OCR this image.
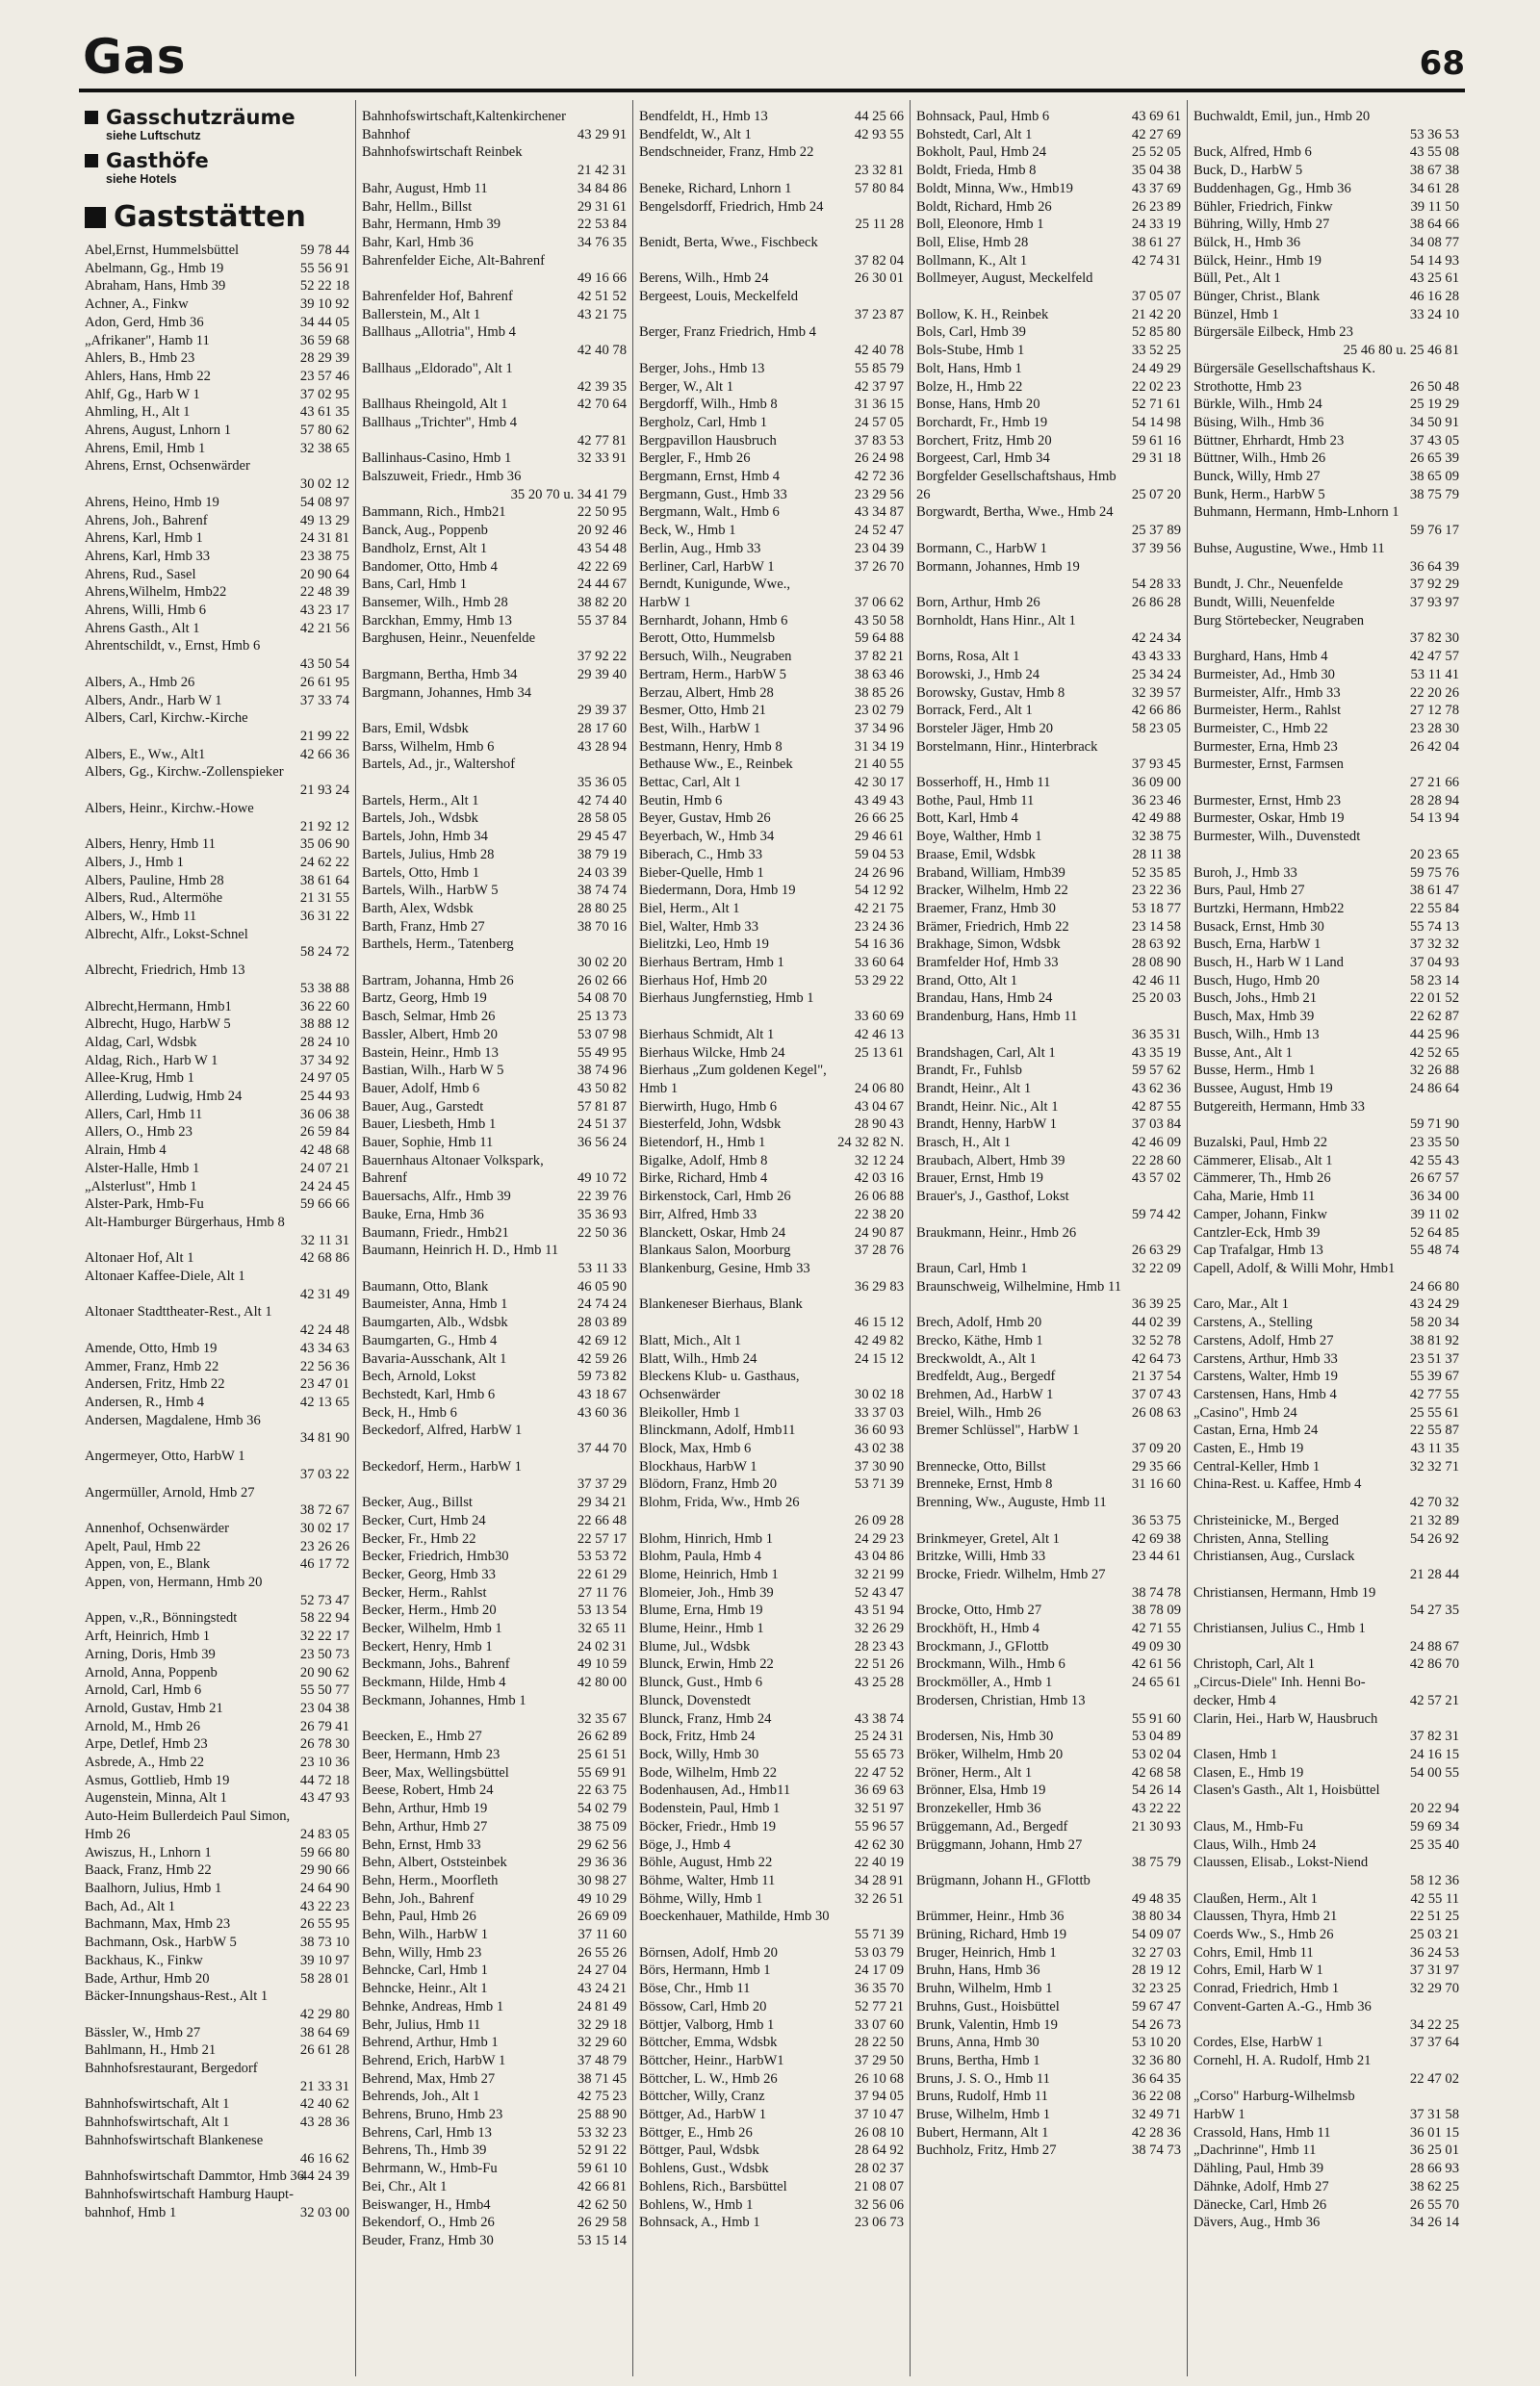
Gas	68
Gasschutzräume
siehe Luftschutz
Gasthöfe
siehe Hotels
Gaststätten
59 78 44
Abel,Ernst, Hummelsbüttel
55 56 91
Abelmann, Gg., Hmb 19
52 22 18
Abraham, Hans, Hmb 39
39 10 92
Achner, A., Finkw
34 44 05
Adon, Gerd, Hmb 36
36 59 68
„Afrikaner", Hamb 11
28 29 39
Ahlers, B., Hmb 23
23 57 46
Ahlers, Hans, Hmb 22
37 02 95
Ahlf, Gg., Harb W 1
43 61 35
Ahmling, H., Alt 1
57 80 62
Ahrens, August, Lnhorn 1
32 38 65
Ahrens, Emil, Hmb 1
Ahrens, Ernst, Ochsenwärder
30 02 12
54 08 97
Ahrens, Heino, Hmb 19
49 13 29
Ahrens, Joh., Bahrenf
24 31 81
Ahrens, Karl, Hmb 1
23 38 75
Ahrens, Karl, Hmb 33
20 90 64
Ahrens, Rud., Sasel
22 48 39
Ahrens,Wilhelm, Hmb22
43 23 17
Ahrens, Willi, Hmb 6
42 21 56
Ahrens Gasth., Alt 1
Ahrentschildt, v., Ernst, Hmb 6
43 50 54
26 61 95
Albers, A., Hmb 26
37 33 74
Albers, Andr., Harb W 1
Albers, Carl, Kirchw.-Kirche
21 99 22
42 66 36
Albers, E., Ww., Alt1
Albers, Gg., Kirchw.-Zollenspieker
21 93 24
Albers, Heinr., Kirchw.-Howe
21 92 12
35 06 90
Albers, Henry, Hmb 11
24 62 22
Albers, J., Hmb 1
38 61 64
Albers, Pauline, Hmb 28
21 31 55
Albers, Rud., Altermöhe
36 31 22
Albers, W., Hmb 11
Albrecht, Alfr., Lokst-Schnel
58 24 72
Albrecht, Friedrich, Hmb 13
53 38 88
36 22 60
Albrecht,Hermann, Hmb1
38 88 12
Albrecht, Hugo, HarbW 5
28 24 10
Aldag, Carl, Wdsbk
37 34 92
Aldag, Rich., Harb W 1
24 97 05
Allee-Krug, Hmb 1
25 44 93
Allerding, Ludwig, Hmb 24
36 06 38
Allers, Carl, Hmb 11
26 59 84
Allers, O., Hmb 23
42 48 68
Alrain, Hmb 4
24 07 21
Alster-Halle, Hmb 1
24 24 45
„Alsterlust", Hmb 1
59 66 66
Alster-Park, Hmb-Fu
Alt-Hamburger Bürgerhaus, Hmb 8
32 11 31
42 68 86
Altonaer Hof, Alt 1
Altonaer Kaffee-Diele, Alt 1
42 31 49
Altonaer Stadttheater-Rest., Alt 1
42 24 48
43 34 63
Amende, Otto, Hmb 19
22 56 36
Ammer, Franz, Hmb 22
23 47 01
Andersen, Fritz, Hmb 22
42 13 65
Andersen, R., Hmb 4
Andersen, Magdalene, Hmb 36
34 81 90
Angermeyer, Otto, HarbW 1
37 03 22
Angermüller, Arnold, Hmb 27
38 72 67
30 02 17
Annenhof, Ochsenwärder
23 26 26
Apelt, Paul, Hmb 22
46 17 72
Appen, von, E., Blank
Appen, von, Hermann, Hmb 20
52 73 47
58 22 94
Appen, v.,R., Bönningstedt
32 22 17
Arft, Heinrich, Hmb 1
23 50 73
Arning, Doris, Hmb 39
20 90 62
Arnold, Anna, Poppenb
55 50 77
Arnold, Carl, Hmb 6
23 04 38
Arnold, Gustav, Hmb 21
26 79 41
Arnold, M., Hmb 26
26 78 30
Arpe, Detlef, Hmb 23
23 10 36
Asbrede, A., Hmb 22
44 72 18
Asmus, Gottlieb, Hmb 19
43 47 93
Augenstein, Minna, Alt 1
Auto-Heim Bullerdeich Paul Simon,
24 83 05
Hmb 26
59 66 80
Awiszus, H., Lnhorn 1
29 90 66
Baack, Franz, Hmb 22
24 64 90
Baalhorn, Julius, Hmb 1
43 22 23
Bach, Ad., Alt 1
26 55 95
Bachmann, Max, Hmb 23
38 73 10
Bachmann, Osk., HarbW 5
39 10 97
Backhaus, K., Finkw
58 28 01
Bade, Arthur, Hmb 20
Bäcker-Innungshaus-Rest., Alt 1
42 29 80
38 64 69
Bässler, W., Hmb 27
26 61 28
Bahlmann, H., Hmb 21
Bahnhofsrestaurant, Bergedorf
21 33 31
42 40 62
Bahnhofswirtschaft, Alt 1
43 28 36
Bahnhofswirtschaft, Alt 1
Bahnhofswirtschaft Blankenese
46 16 62
44 24 39
Bahnhofswirtschaft Dammtor, Hmb 36
Bahnhofswirtschaft Hamburg Haupt-
32 03 00
bahnhof, Hmb 1
Bahnhofswirtschaft,Kaltenkirchener
43 29 91
Bahnhof
Bahnhofswirtschaft Reinbek
21 42 31
34 84 86
Bahr, August, Hmb 11
29 31 61
Bahr, Hellm., Billst
22 53 84
Bahr, Hermann, Hmb 39
34 76 35
Bahr, Karl, Hmb 36
Bahrenfelder Eiche, Alt-Bahrenf
49 16 66
42 51 52
Bahrenfelder Hof, Bahrenf
43 21 75
Ballerstein, M., Alt 1
Ballhaus „Allotria", Hmb 4
42 40 78
Ballhaus „Eldorado", Alt 1
42 39 35
42 70 64
Ballhaus Rheingold, Alt 1
Ballhaus „Trichter", Hmb 4
42 77 81
32 33 91
Ballinhaus-Casino, Hmb 1
Balszuweit, Friedr., Hmb 36
35 20 70 u. 34 41 79
22 50 95
Bammann, Rich., Hmb21
20 92 46
Banck, Aug., Poppenb
43 54 48
Bandholz, Ernst, Alt 1
42 22 69
Bandomer, Otto, Hmb 4
24 44 67
Bans, Carl, Hmb 1
38 82 20
Bansemer, Wilh., Hmb 28
55 37 84
Barckhan, Emmy, Hmb 13
Barghusen, Heinr., Neuenfelde
37 92 22
29 39 40
Bargmann, Bertha, Hmb 34
Bargmann, Johannes, Hmb 34
29 39 37
28 17 60
Bars, Emil, Wdsbk
43 28 94
Barss, Wilhelm, Hmb 6
Bartels, Ad., jr., Waltershof
35 36 05
42 74 40
Bartels, Herm., Alt 1
28 58 05
Bartels, Joh., Wdsbk
29 45 47
Bartels, John, Hmb 34
38 79 19
Bartels, Julius, Hmb 28
24 03 39
Bartels, Otto, Hmb 1
38 74 74
Bartels, Wilh., HarbW 5
28 80 25
Barth, Alex, Wdsbk
38 70 16
Barth, Franz, Hmb 27
Barthels, Herm., Tatenberg
30 02 20
26 02 66
Bartram, Johanna, Hmb 26
54 08 70
Bartz, Georg, Hmb 19
25 13 73
Basch, Selmar, Hmb 26
53 07 98
Bassler, Albert, Hmb 20
55 49 95
Bastein, Heinr., Hmb 13
38 74 96
Bastian, Wilh., Harb W 5
43 50 82
Bauer, Adolf, Hmb 6
57 81 87
Bauer, Aug., Garstedt
24 51 37
Bauer, Liesbeth, Hmb 1
36 56 24
Bauer, Sophie, Hmb 11
Bauernhaus Altonaer Volkspark,
49 10 72
Bahrenf
22 39 76
Bauersachs, Alfr., Hmb 39
35 36 93
Bauke, Erna, Hmb 36
22 50 36
Baumann, Friedr., Hmb21
Baumann, Heinrich H. D., Hmb 11
53 11 33
46 05 90
Baumann, Otto, Blank
24 74 24
Baumeister, Anna, Hmb 1
28 03 89
Baumgarten, Alb., Wdsbk
42 69 12
Baumgarten, G., Hmb 4
42 59 26
Bavaria-Ausschank, Alt 1
59 73 82
Bech, Arnold, Lokst
43 18 67
Bechstedt, Karl, Hmb 6
43 60 36
Beck, H., Hmb 6
Beckedorf, Alfred, HarbW 1
37 44 70
Beckedorf, Herm., HarbW 1
37 37 29
29 34 21
Becker, Aug., Billst
22 66 48
Becker, Curt, Hmb 24
22 57 17
Becker, Fr., Hmb 22
53 53 72
Becker, Friedrich, Hmb30
22 61 29
Becker, Georg, Hmb 33
27 11 76
Becker, Herm., Rahlst
53 13 54
Becker, Herm., Hmb 20
32 65 11
Becker, Wilhelm, Hmb 1
24 02 31
Beckert, Henry, Hmb 1
49 10 59
Beckmann, Johs., Bahrenf
42 80 00
Beckmann, Hilde, Hmb 4
Beckmann, Johannes, Hmb 1
32 35 67
26 62 89
Beecken, E., Hmb 27
25 61 51
Beer, Hermann, Hmb 23
55 69 91
Beer, Max, Wellingsbüttel
22 63 75
Beese, Robert, Hmb 24
54 02 79
Behn, Arthur, Hmb 19
38 75 09
Behn, Arthur, Hmb 27
29 62 56
Behn, Ernst, Hmb 33
29 36 36
Behn, Albert, Oststeinbek
30 98 27
Behn, Herm., Moorfleth
49 10 29
Behn, Joh., Bahrenf
26 69 09
Behn, Paul, Hmb 26
37 11 60
Behn, Wilh., HarbW 1
26 55 26
Behn, Willy, Hmb 23
24 27 04
Behncke, Carl, Hmb 1
43 24 21
Behncke, Heinr., Alt 1
24 81 49
Behnke, Andreas, Hmb 1
32 29 18
Behr, Julius, Hmb 11
32 29 60
Behrend, Arthur, Hmb 1
37 48 79
Behrend, Erich, HarbW 1
38 71 45
Behrend, Max, Hmb 27
42 75 23
Behrends, Joh., Alt 1
25 88 90
Behrens, Bruno, Hmb 23
53 32 23
Behrens, Carl, Hmb 13
52 91 22
Behrens, Th., Hmb 39
59 61 10
Behrmann, W., Hmb-Fu
42 66 81
Bei, Chr., Alt 1
42 62 50
Beiswanger, H., Hmb4
26 29 58
Bekendorf, O., Hmb 26
53 15 14
Beuder, Franz, Hmb 30
44 25 66
Bendfeldt, H., Hmb 13
42 93 55
Bendfeldt, W., Alt 1
Bendschneider, Franz, Hmb 22
23 32 81
57 80 84
Beneke, Richard, Lnhorn 1
Bengelsdorff, Friedrich, Hmb 24
25 11 28
Benidt, Berta, Wwe., Fischbeck
37 82 04
26 30 01
Berens, Wilh., Hmb 24
Bergeest, Louis, Meckelfeld
37 23 87
Berger, Franz Friedrich, Hmb 4
42 40 78
55 85 79
Berger, Johs., Hmb 13
42 37 97
Berger, W., Alt 1
31 36 15
Bergdorff, Wilh., Hmb 8
24 57 05
Bergholz, Carl, Hmb 1
37 83 53
Bergpavillon Hausbruch
26 24 98
Bergler, F., Hmb 26
42 72 36
Bergmann, Ernst, Hmb 4
23 29 56
Bergmann, Gust., Hmb 33
43 34 87
Bergmann, Walt., Hmb 6
24 52 47
Beck, W., Hmb 1
23 04 39
Berlin, Aug., Hmb 33
37 26 70
Berliner, Carl, HarbW 1
Berndt, Kunigunde, Wwe.,
37 06 62
HarbW 1
43 50 58
Bernhardt, Johann, Hmb 6
59 64 88
Berott, Otto, Hummelsb
37 82 21
Bersuch, Wilh., Neugraben
38 63 46
Bertram, Herm., HarbW 5
38 85 26
Berzau, Albert, Hmb 28
23 02 79
Besmer, Otto, Hmb 21
37 34 96
Best, Wilh., HarbW 1
31 34 19
Bestmann, Henry, Hmb 8
21 40 55
Bethause Ww., E., Reinbek
42 30 17
Bettac, Carl, Alt 1
43 49 43
Beutin, Hmb 6
26 66 25
Beyer, Gustav, Hmb 26
29 46 61
Beyerbach, W., Hmb 34
59 04 53
Biberach, C., Hmb 33
24 26 96
Bieber-Quelle, Hmb 1
54 12 92
Biedermann, Dora, Hmb 19
42 21 75
Biel, Herm., Alt 1
23 24 36
Biel, Walter, Hmb 33
54 16 36
Bielitzki, Leo, Hmb 19
33 60 64
Bierhaus Bertram, Hmb 1
53 29 22
Bierhaus Hof, Hmb 20
Bierhaus Jungfernstieg, Hmb 1
33 60 69
42 46 13
Bierhaus Schmidt, Alt 1
25 13 61
Bierhaus Wilcke, Hmb 24
Bierhaus „Zum goldenen Kegel",
24 06 80
Hmb 1
43 04 67
Bierwirth, Hugo, Hmb 6
28 90 43
Biesterfeld, John, Wdsbk
24 32 82 N.
Bietendorf, H., Hmb 1
32 12 24
Bigalke, Adolf, Hmb 8
42 03 16
Birke, Richard, Hmb 4
26 06 88
Birkenstock, Carl, Hmb 26
22 38 20
Birr, Alfred, Hmb 33
24 90 87
Blanckett, Oskar, Hmb 24
37 28 76
Blankaus Salon, Moorburg
Blankenburg, Gesine, Hmb 33
36 29 83
Blankeneser Bierhaus, Blank
46 15 12
42 49 82
Blatt, Mich., Alt 1
24 15 12
Blatt, Wilh., Hmb 24
Bleckens Klub- u. Gasthaus,
30 02 18
Ochsenwärder
33 37 03
Bleikoller, Hmb 1
36 60 93
Blinckmann, Adolf, Hmb11
43 02 38
Block, Max, Hmb 6
37 30 90
Blockhaus, HarbW 1
53 71 39
Blödorn, Franz, Hmb 20
Blohm, Frida, Ww., Hmb 26
26 09 28
24 29 23
Blohm, Hinrich, Hmb 1
43 04 86
Blohm, Paula, Hmb 4
32 21 99
Blome, Heinrich, Hmb 1
52 43 47
Blomeier, Joh., Hmb 39
43 51 94
Blume, Erna, Hmb 19
32 26 29
Blume, Heinr., Hmb 1
28 23 43
Blume, Jul., Wdsbk
22 51 26
Blunck, Erwin, Hmb 22
43 25 28
Blunck, Gust., Hmb 6
Blunck, Dovenstedt
43 38 74
Blunck, Franz, Hmb 24
25 24 31
Bock, Fritz, Hmb 24
55 65 73
Bock, Willy, Hmb 30
22 47 52
Bode, Wilhelm, Hmb 22
36 69 63
Bodenhausen, Ad., Hmb11
32 51 97
Bodenstein, Paul, Hmb 1
55 96 57
Böcker, Friedr., Hmb 19
42 62 30
Böge, J., Hmb 4
22 40 19
Böhle, August, Hmb 22
34 28 91
Böhme, Walter, Hmb 11
32 26 51
Böhme, Willy, Hmb 1
Boeckenhauer, Mathilde, Hmb 30
55 71 39
53 03 79
Börnsen, Adolf, Hmb 20
24 17 09
Börs, Hermann, Hmb 1
36 35 70
Böse, Chr., Hmb 11
52 77 21
Bössow, Carl, Hmb 20
33 07 60
Böttjer, Valborg, Hmb 1
28 22 50
Böttcher, Emma, Wdsbk
37 29 50
Böttcher, Heinr., HarbW1
26 10 68
Böttcher, L. W., Hmb 26
37 94 05
Böttcher, Willy, Cranz
37 10 47
Böttger, Ad., HarbW 1
26 08 10
Böttger, E., Hmb 26
28 64 92
Böttger, Paul, Wdsbk
28 02 37
Bohlens, Gust., Wdsbk
21 08 07
Bohlens, Rich., Barsbüttel
32 56 06
Bohlens, W., Hmb 1
23 06 73
Bohnsack, A., Hmb 1
43 69 61
Bohnsack, Paul, Hmb 6
42 27 69
Bohstedt, Carl, Alt 1
25 52 05
Bokholt, Paul, Hmb 24
35 04 38
Boldt, Frieda, Hmb 8
43 37 69
Boldt, Minna, Ww., Hmb19
26 23 89
Boldt, Richard, Hmb 26
24 33 19
Boll, Eleonore, Hmb 1
38 61 27
Boll, Elise, Hmb 28
42 74 31
Bollmann, K., Alt 1
Bollmeyer, August, Meckelfeld
37 05 07
21 42 20
Bollow, K. H., Reinbek
52 85 80
Bols, Carl, Hmb 39
33 52 25
Bols-Stube, Hmb 1
24 49 29
Bolt, Hans, Hmb 1
22 02 23
Bolze, H., Hmb 22
52 71 61
Bonse, Hans, Hmb 20
54 14 98
Borchardt, Fr., Hmb 19
59 61 16
Borchert, Fritz, Hmb 20
29 31 18
Borgeest, Carl, Hmb 34
Borgfelder Gesellschaftshaus, Hmb
25 07 20
26
Borgwardt, Bertha, Wwe., Hmb 24
25 37 89
37 39 56
Bormann, C., HarbW 1
Bormann, Johannes, Hmb 19
54 28 33
26 86 28
Born, Arthur, Hmb 26
Bornholdt, Hans Hinr., Alt 1
42 24 34
43 43 33
Borns, Rosa, Alt 1
25 34 24
Borowski, J., Hmb 24
32 39 57
Borowsky, Gustav, Hmb 8
42 66 86
Borrack, Ferd., Alt 1
58 23 05
Borsteler Jäger, Hmb 20
Borstelmann, Hinr., Hinterbrack
37 93 45
36 09 00
Bosserhoff, H., Hmb 11
36 23 46
Bothe, Paul, Hmb 11
42 49 88
Bott, Karl, Hmb 4
32 38 75
Boye, Walther, Hmb 1
28 11 38
Braase, Emil, Wdsbk
52 35 85
Braband, William, Hmb39
23 22 36
Bracker, Wilhelm, Hmb 22
53 18 77
Braemer, Franz, Hmb 30
23 14 58
Brämer, Friedrich, Hmb 22
28 63 92
Brakhage, Simon, Wdsbk
28 08 90
Bramfelder Hof, Hmb 33
42 46 11
Brand, Otto, Alt 1
25 20 03
Brandau, Hans, Hmb 24
Brandenburg, Hans, Hmb 11
36 35 31
43 35 19
Brandshagen, Carl, Alt 1
59 57 62
Brandt, Fr., Fuhlsb
43 62 36
Brandt, Heinr., Alt 1
42 87 55
Brandt, Heinr. Nic., Alt 1
37 03 84
Brandt, Henny, HarbW 1
42 46 09
Brasch, H., Alt 1
22 28 60
Braubach, Albert, Hmb 39
43 57 02
Brauer, Ernst, Hmb 19
Brauer's, J., Gasthof, Lokst
59 74 42
Braukmann, Heinr., Hmb 26
26 63 29
32 22 09
Braun, Carl, Hmb 1
Braunschweig, Wilhelmine, Hmb 11
36 39 25
44 02 39
Brech, Adolf, Hmb 20
32 52 78
Brecko, Käthe, Hmb 1
42 64 73
Breckwoldt, A., Alt 1
21 37 54
Bredfeldt, Aug., Bergedf
37 07 43
Brehmen, Ad., HarbW 1
26 08 63
Breiel, Wilh., Hmb 26
Bremer Schlüssel", HarbW 1
37 09 20
29 35 66
Brennecke, Otto, Billst
31 16 60
Brenneke, Ernst, Hmb 8
Brenning, Ww., Auguste, Hmb 11
36 53 75
42 69 38
Brinkmeyer, Gretel, Alt 1
23 44 61
Britzke, Willi, Hmb 33
Brocke, Friedr. Wilhelm, Hmb 27
38 74 78
38 78 09
Brocke, Otto, Hmb 27
42 71 55
Brockhöft, H., Hmb 4
49 09 30
Brockmann, J., GFlottb
42 61 56
Brockmann, Wilh., Hmb 6
24 65 61
Brockmöller, A., Hmb 1
Brodersen, Christian, Hmb 13
55 91 60
53 04 89
Brodersen, Nis, Hmb 30
53 02 04
Bröker, Wilhelm, Hmb 20
42 68 58
Bröner, Herm., Alt 1
54 26 14
Brönner, Elsa, Hmb 19
43 22 22
Bronzekeller, Hmb 36
21 30 93
Brüggemann, Ad., Bergedf
Brüggmann, Johann, Hmb 27
38 75 79
Brügmann, Johann H., GFlottb
49 48 35
38 80 34
Brümmer, Heinr., Hmb 36
54 09 07
Brüning, Richard, Hmb 19
32 27 03
Bruger, Heinrich, Hmb 1
28 19 12
Bruhn, Hans, Hmb 36
32 23 25
Bruhn, Wilhelm, Hmb 1
59 67 47
Bruhns, Gust., Hoisbüttel
54 26 73
Brunk, Valentin, Hmb 19
53 10 20
Bruns, Anna, Hmb 30
32 36 80
Bruns, Bertha, Hmb 1
36 64 35
Bruns, J. S. O., Hmb 11
36 22 08
Bruns, Rudolf, Hmb 11
32 49 71
Bruse, Wilhelm, Hmb 1
42 28 36
Bubert, Hermann, Alt 1
38 74 73
Buchholz, Fritz, Hmb 27
Buchwaldt, Emil, jun., Hmb 20
53 36 53
43 55 08
Buck, Alfred, Hmb 6
38 67 38
Buck, D., HarbW 5
34 61 28
Buddenhagen, Gg., Hmb 36
39 11 50
Bühler, Friedrich, Finkw
38 64 66
Bühring, Willy, Hmb 27
34 08 77
Bülck, H., Hmb 36
54 14 93
Bülck, Heinr., Hmb 19
43 25 61
Büll, Pet., Alt 1
46 16 28
Bünger, Christ., Blank
33 24 10
Bünzel, Hmb 1
Bürgersäle Eilbeck, Hmb 23
25 46 80 u. 25 46 81
Bürgersäle Gesellschaftshaus K.
26 50 48
Strothotte, Hmb 23
25 19 29
Bürkle, Wilh., Hmb 24
34 50 91
Büsing, Wilh., Hmb 36
37 43 05
Büttner, Ehrhardt, Hmb 23
26 65 39
Büttner, Wilh., Hmb 26
38 65 09
Bunck, Willy, Hmb 27
38 75 79
Bunk, Herm., HarbW 5
Buhmann, Hermann, Hmb-Lnhorn 1
59 76 17
Buhse, Augustine, Wwe., Hmb 11
36 64 39
37 92 29
Bundt, J. Chr., Neuenfelde
37 93 97
Bundt, Willi, Neuenfelde
Burg Störtebecker, Neugraben
37 82 30
42 47 57
Burghard, Hans, Hmb 4
53 11 41
Burmeister, Ad., Hmb 30
22 20 26
Burmeister, Alfr., Hmb 33
27 12 78
Burmeister, Herm., Rahlst
23 28 30
Burmeister, C., Hmb 22
26 42 04
Burmester, Erna, Hmb 23
Burmester, Ernst, Farmsen
27 21 66
28 28 94
Burmester, Ernst, Hmb 23
54 13 94
Burmester, Oskar, Hmb 19
Burmester, Wilh., Duvenstedt
20 23 65
59 75 76
Buroh, J., Hmb 33
38 61 47
Burs, Paul, Hmb 27
22 55 84
Burtzki, Hermann, Hmb22
55 74 13
Busack, Ernst, Hmb 30
37 32 32
Busch, Erna, HarbW 1
37 04 93
Busch, H., Harb W 1 Land
58 23 14
Busch, Hugo, Hmb 20
22 01 52
Busch, Johs., Hmb 21
22 62 87
Busch, Max, Hmb 39
44 25 96
Busch, Wilh., Hmb 13
42 52 65
Busse, Ant., Alt 1
32 26 88
Busse, Herm., Hmb 1
24 86 64
Bussee, August, Hmb 19
Butgereith, Hermann, Hmb 33
59 71 90
23 35 50
Buzalski, Paul, Hmb 22
42 55 43
Cämmerer, Elisab., Alt 1
26 67 57
Cämmerer, Th., Hmb 26
36 34 00
Caha, Marie, Hmb 11
39 11 02
Camper, Johann, Finkw
52 64 85
Cantzler-Eck, Hmb 39
55 48 74
Cap Trafalgar, Hmb 13
Capell, Adolf, & Willi Mohr, Hmb1
24 66 80
43 24 29
Caro, Mar., Alt 1
58 20 34
Carstens, A., Stelling
38 81 92
Carstens, Adolf, Hmb 27
23 51 37
Carstens, Arthur, Hmb 33
55 39 67
Carstens, Walter, Hmb 19
42 77 55
Carstensen, Hans, Hmb 4
25 55 61
„Casino", Hmb 24
22 55 87
Castan, Erna, Hmb 24
43 11 35
Casten, E., Hmb 19
32 32 71
Central-Keller, Hmb 1
China-Rest. u. Kaffee, Hmb 4
42 70 32
21 32 89
Christeinicke, M., Berged
54 26 92
Christen, Anna, Stelling
Christiansen, Aug., Curslack
21 28 44
Christiansen, Hermann, Hmb 19
54 27 35
Christiansen, Julius C., Hmb 1
24 88 67
42 86 70
Christoph, Carl, Alt 1
„Circus-Diele" Inh. Henni Bo-
42 57 21
decker, Hmb 4
Clarin, Hei., Harb W, Hausbruch
37 82 31
24 16 15
Clasen, Hmb 1
54 00 55
Clasen, E., Hmb 19
Clasen's Gasth., Alt 1, Hoisbüttel
20 22 94
59 69 34
Claus, M., Hmb-Fu
25 35 40
Claus, Wilh., Hmb 24
Claussen, Elisab., Lokst-Niend
58 12 36
42 55 11
Claußen, Herm., Alt 1
22 51 25
Claussen, Thyra, Hmb 21
25 03 21
Coerds Ww., S., Hmb 26
36 24 53
Cohrs, Emil, Hmb 11
37 31 97
Cohrs, Emil, Harb W 1
32 29 70
Conrad, Friedrich, Hmb 1
Convent-Garten A.-G., Hmb 36
34 22 25
37 37 64
Cordes, Else, HarbW 1
Cornehl, H. A. Rudolf, Hmb 21
22 47 02
„Corso" Harburg-Wilhelmsb
37 31 58
HarbW 1
36 01 15
Crassold, Hans, Hmb 11
36 25 01
„Dachrinne", Hmb 11
28 66 93
Dähling, Paul, Hmb 39
38 62 25
Dähnke, Adolf, Hmb 27
26 55 70
Dänecke, Carl, Hmb 26
34 26 14
Dävers, Aug., Hmb 36
